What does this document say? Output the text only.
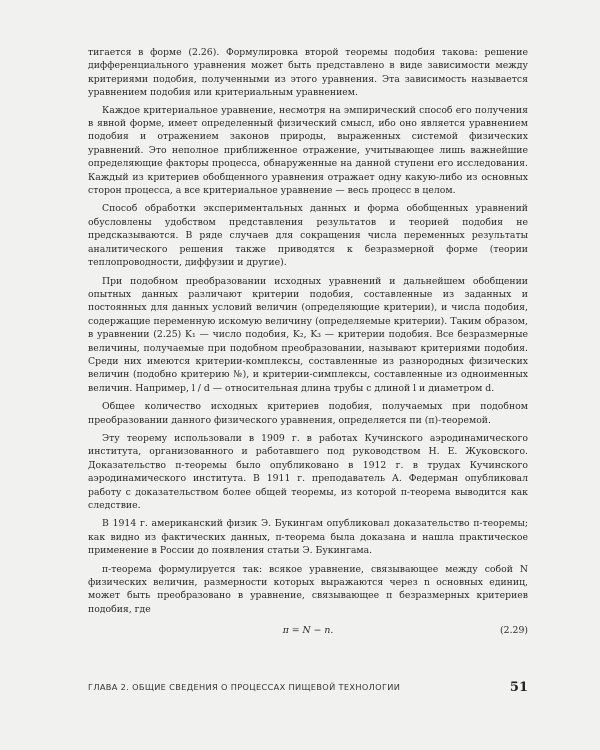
тигается в форме (2.26). Формулировка второй теоремы подобия такова: решение дифференциального уравнения может быть представлено в виде зависимости между критериями подобия, полученными из этого уравнения. Эта зависимость называется уравнением подобия или критериальным уравнением.

Каждое критериальное уравнение, несмотря на эмпирический способ его получения в явной форме, имеет определенный физический смысл, ибо оно является уравнением подобия и отражением законов природы, выраженных системой физических уравнений. Это неполное приближенное отражение, учитывающее лишь важнейшие определяющие факторы процесса, обнаруженные на данной ступени его исследования. Каждый из критериев обобщенного уравнения отражает одну какую-либо из основных сторон процесса, а все критериальное уравнение — весь процесс в целом.

Способ обработки экспериментальных данных и форма обобщенных уравнений обусловлены удобством представления результатов и теорией подобия не предсказываются. В ряде случаев для сокращения числа переменных результаты аналитического решения также приводятся к безразмерной форме (теории теплопроводности, диффузии и другие).

При подобном преобразовании исходных уравнений и дальнейшем обобщении опытных данных различают критерии подобия, составленные из заданных и постоянных для данных условий величин (определяющие критерии), и числа подобия, содержащие переменную искомую величину (определяемые критерии). Таким образом, в уравнении (2.25) K₁ — число подобия, K₂, K₃ — критерии подобия. Все безразмерные величины, получаемые при подобном преобразовании, называют критериями подобия. Среди них имеются критерии-комплексы, составленные из разнородных физических величин (подобно критерию №), и критерии-симплексы, составленные из одноименных величин. Например, l / d — относительная длина трубы с длиной l и диаметром d.

Общее количество исходных критериев подобия, получаемых при подобном преобразовании данного физического уравнения, определяется пи (π)-теоремой.

Эту теорему использовали в 1909 г. в работах Кучинского аэродинамического института, организованного и работавшего под руководством Н. Е. Жуковского. Доказательство π-теоремы было опубликовано в 1912 г. в трудах Кучинского аэродинамического института. В 1911 г. преподаватель А. Федерман опубликовал работу с доказательством более общей теоремы, из которой π-теорема выводится как следствие.

В 1914 г. американский физик Э. Букингам опубликовал доказательство π-теоремы; как видно из фактических данных, π-теорема была доказана и нашла практическое применение в России до появления статьи Э. Букингама.

π-теорема формулируется так: всякое уравнение, связывающее между собой N физических величин, размерности которых выражаются через n основных единиц, может быть преобразовано в уравнение, связывающее π безразмерных критериев подобия, где

π = N − n.	(2.29)
ГЛАВА 2. ОБЩИЕ СВЕДЕНИЯ О ПРОЦЕССАХ ПИЩЕВОЙ ТЕХНОЛОГИИ	51
